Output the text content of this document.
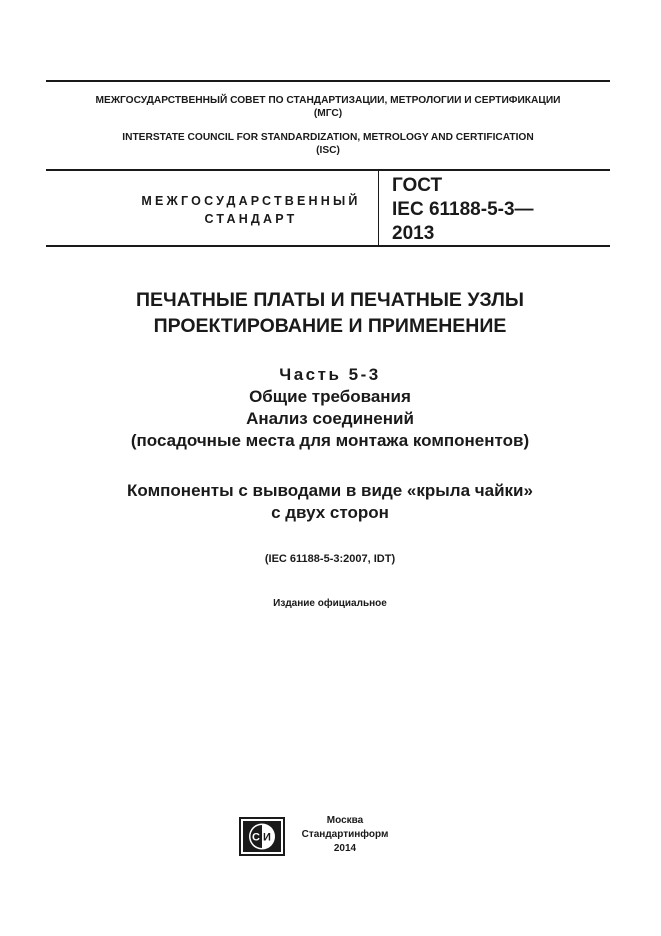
МЕЖГОСУДАРСТВЕННЫЙ СОВЕТ ПО СТАНДАРТИЗАЦИИ, МЕТРОЛОГИИ И СЕРТИФИКАЦИИ
(МГС)
INTERSTATE COUNCIL FOR STANDARDIZATION, METROLOGY AND CERTIFICATION
(ISC)
МЕЖГОСУДАРСТВЕННЫЙ
СТАНДАРТ
ГОСТ
IEC 61188-5-3—
2013
ПЕЧАТНЫЕ ПЛАТЫ И ПЕЧАТНЫЕ УЗЛЫ
ПРОЕКТИРОВАНИЕ И ПРИМЕНЕНИЕ
Часть 5-3
Общие требования
Анализ соединений
(посадочные места для монтажа компонентов)
Компоненты с выводами в виде «крыла чайки»
с двух сторон
(IEC 61188-5-3:2007, IDT)
Издание официальное
С И
Москва
Стандартинформ
2014
